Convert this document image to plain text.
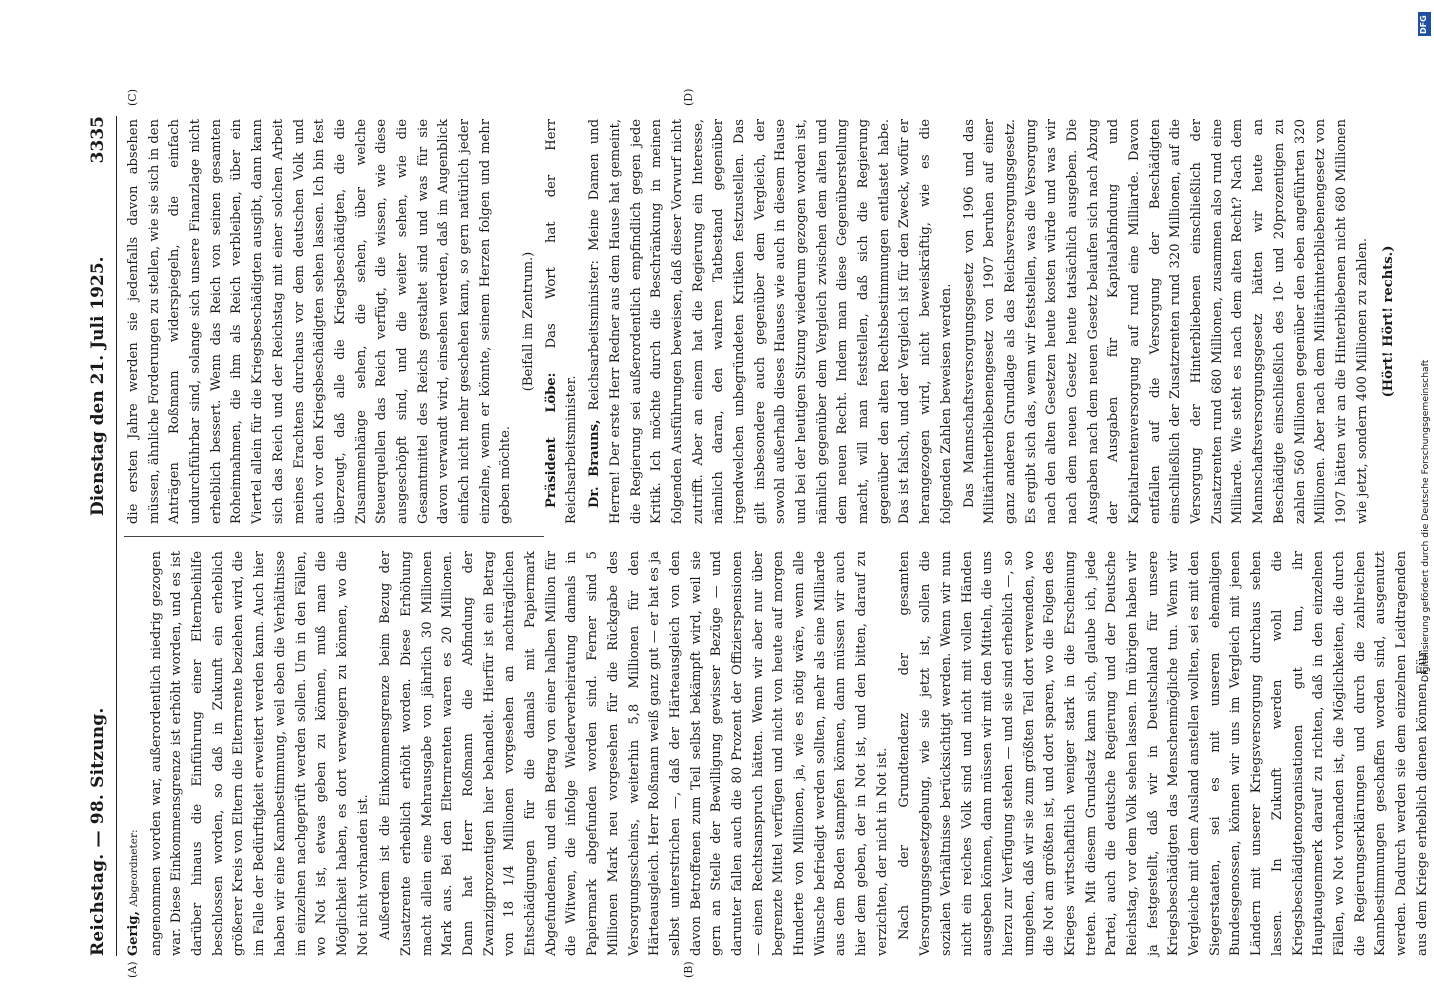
Reichstag. — 98. Sitzung.
Dienstag den 21. Juli 1925.
3335
(A)	(B)
(C)	(D)

Gerig, Abgeordneter: angenommen worden war, außerordentlich niedrig gezogen war. Diese Einkommensgrenze ist erhöht worden, und es ist darüber hinaus die Einführung einer Elternbeihilfe beschlossen worden, so daß in Zukunft ein erheblich größerer Kreis von Eltern die Elternrente beziehen wird, die im Falle der Bedürftigkeit erweitert werden kann. Auch hier haben wir eine Kannbestimmung, weil eben die Verhältnisse im einzelnen nachgeprüft werden sollen. Um in den Fällen, wo Not ist, etwas geben zu können, muß man die Möglichkeit haben, es dort verweigern zu können, wo die Not nicht vorhanden ist. Außerdem ist die Einkommensgrenze beim Bezug der Zusatzrente erheblich erhöht worden. Diese Erhöhung macht allein eine Mehrausgabe von jährlich 30 Millionen Mark aus. Bei den Elternrenten waren es 20 Millionen. Dann hat Herr Roßmann die Abfindung der Zwanzigprozentigen hier behandelt. Hierfür ist ein Betrag von 18 1/4 Millionen vorgesehen an nachträglichen Entschädigungen für die damals mit Papiermark Abgefundenen, und ein Betrag von einer halben Million für die Witwen, die infolge Wiederverheiratung damals in Papiermark abgefunden worden sind. Ferner sind 5 Millionen Mark neu vorgesehen für die Rückgabe des Versorgungsscheins, weiterhin 5,8 Millionen für den Härteausgleich. Herr Roßmann weiß ganz gut — er hat es ja selbst unterstrichen —, daß der Härteausgleich von den davon Betroffenen zum Teil selbst bekämpft wird, weil sie gern an Stelle der Bewilligung gewisser Bezüge — und darunter fallen auch die 80 Prozent der Offizierspensionen — einen Rechtsanspruch hätten. Wenn wir aber nur über begrenzte Mittel verfügen und nicht von heute auf morgen Hunderte von Millionen, ja, wie es nötig wäre, wenn alle Wünsche befriedigt werden sollten, mehr als eine Milliarde aus dem Boden stampfen können, dann müssen wir auch hier dem geben, der in Not ist, und den bitten, darauf zu verzichten, der nicht in Not ist. Nach der Grundtendenz der gesamten Versorgungsgesetzgebung, wie sie jetzt ist, sollen die sozialen Verhältnisse berücksichtigt werden. Wenn wir nun nicht ein reiches Volk sind und nicht mit vollen Händen ausgeben können, dann müssen wir mit den Mitteln, die uns hierzu zur Verfügung stehen — und sie sind erheblich —, so umgehen, daß wir sie zum größten Teil dort verwenden, wo die Not am größten ist, und dort sparen, wo die Folgen des Krieges wirtschaftlich weniger stark in die Erscheinung treten. Mit diesem Grundsatz kann sich, glaube ich, jede Partei, auch die deutsche Regierung und der Deutsche Reichstag, vor dem Volk sehen lassen. Im übrigen haben wir ja festgestellt, daß wir in Deutschland für unsere Kriegsbeschädigten das Menschenmögliche tun. Wenn wir Vergleiche mit dem Ausland anstellen wollten, sei es mit den Siegerstaaten, sei es mit unseren ehemaligen Bundesgenossen, können wir uns im Vergleich mit jenen Ländern mit unserer Kriegsversorgung durchaus sehen lassen. In Zukunft werden wohl die Kriegsbeschädigtenorganisationen gut tun, ihr Hauptaugenmerk darauf zu richten, daß in den einzelnen Fällen, wo Not vorhanden ist, die Möglichkeiten, die durch die Regierungserklärungen und durch die zahlreichen Kannbestimmungen geschaffen worden sind, ausgenutzt werden. Dadurch werden sie dem einzelnen Leidtragenden aus dem Kriege erheblich dienen können. Für

die ersten Jahre werden sie jedenfalls davon absehen müssen, ähnliche Forderungen zu stellen, wie sie sich in den Anträgen Roßmann widerspiegeln, die einfach undurchführbar sind, solange sich unsere Finanzlage nicht erheblich bessert. Wenn das Reich von seinen gesamten Roheinnahmen, die ihm als Reich verbleiben, über ein Viertel allein für die Kriegsbeschädigten ausgibt, dann kann sich das Reich und der Reichstag mit einer solchen Arbeit meines Erachtens durchaus vor dem deutschen Volk und auch vor den Kriegsbeschädigten sehen lassen. Ich bin fest überzeugt, daß alle die Kriegsbeschädigten, die die Zusammenhänge sehen, die sehen, über welche Steuerquellen das Reich verfügt, die wissen, wie diese ausgeschöpft sind, und die weiter sehen, wie die Gesamtmittel des Reichs gestaltet sind und was für sie davon verwandt wird, einsehen werden, daß im Augenblick einfach nicht mehr geschehen kann, so gern natürlich jeder einzelne, wenn er könnte, seinem Herzen folgen und mehr geben möchte.

(Beifall im Zentrum.)

Präsident Löbe: Das Wort hat der Herr Reichsarbeitsminister. Dr. Brauns, Reichsarbeitsminister: Meine Damen und Herren! Der erste Herr Redner aus dem Hause hat gemeint, die Regierung sei außerordentlich empfindlich gegen jede Kritik. Ich möchte durch die Beschränkung in meinen folgenden Ausführungen beweisen, daß dieser Vorwurf nicht zutrifft. Aber an einem hat die Regierung ein Interesse, nämlich daran, den wahren Tatbestand gegenüber irgendwelchen unbegründeten Kritiken festzustellen. Das gilt insbesondere auch gegenüber dem Vergleich, der sowohl außerhalb dieses Hauses wie auch in diesem Hause und bei der heutigen Sitzung wiederum gezogen worden ist, nämlich gegenüber dem Vergleich zwischen dem alten und dem neuen Recht. Indem man diese Gegenüberstellung macht, will man feststellen, daß sich die Regierung gegenüber den alten Rechtsbestimmungen entlastet habe. Das ist falsch, und der Vergleich ist für den Zweck, wofür er herangezogen wird, nicht beweiskräftig, wie es die folgenden Zahlen beweisen werden. Das Mannschaftsversorgungsgesetz von 1906 und das Militärhinterbliebenengesetz von 1907 beruhen auf einer ganz anderen Grundlage als das Reichsversorgungsgesetz. Es ergibt sich das, wenn wir feststellen, was die Versorgung nach den alten Gesetzen heute kosten würde und was wir nach dem neuen Gesetz heute tatsächlich ausgeben. Die Ausgaben nach dem neuen Gesetz belaufen sich nach Abzug der Ausgaben für Kapitalabfindung und Kapitalrentenversorgung auf rund eine Milliarde. Davon entfallen auf die Versorgung der Beschädigten einschließlich der Zusatzrenten rund 320 Millionen, auf die Versorgung der Hinterbliebenen einschließlich der Zusatzrenten rund 680 Millionen, zusammen also rund eine Milliarde. Wie steht es nach dem alten Recht? Nach dem Mannschaftsversorgungsgesetz hätten wir heute an Beschädigte einschließlich des 10- und 20prozentigen zu zahlen 560 Millionen gegenüber den eben angeführten 320 Millionen. Aber nach dem Militärhinterbliebenengesetz von 1907 hätten wir an die Hinterbliebenen nicht 680 Millionen wie jetzt, sondern 400 Millionen zu zahlen. (Hört! Hört! rechts.)

DFG
Digitalisierung gefördert durch die Deutsche Forschungsgemeinschaft
